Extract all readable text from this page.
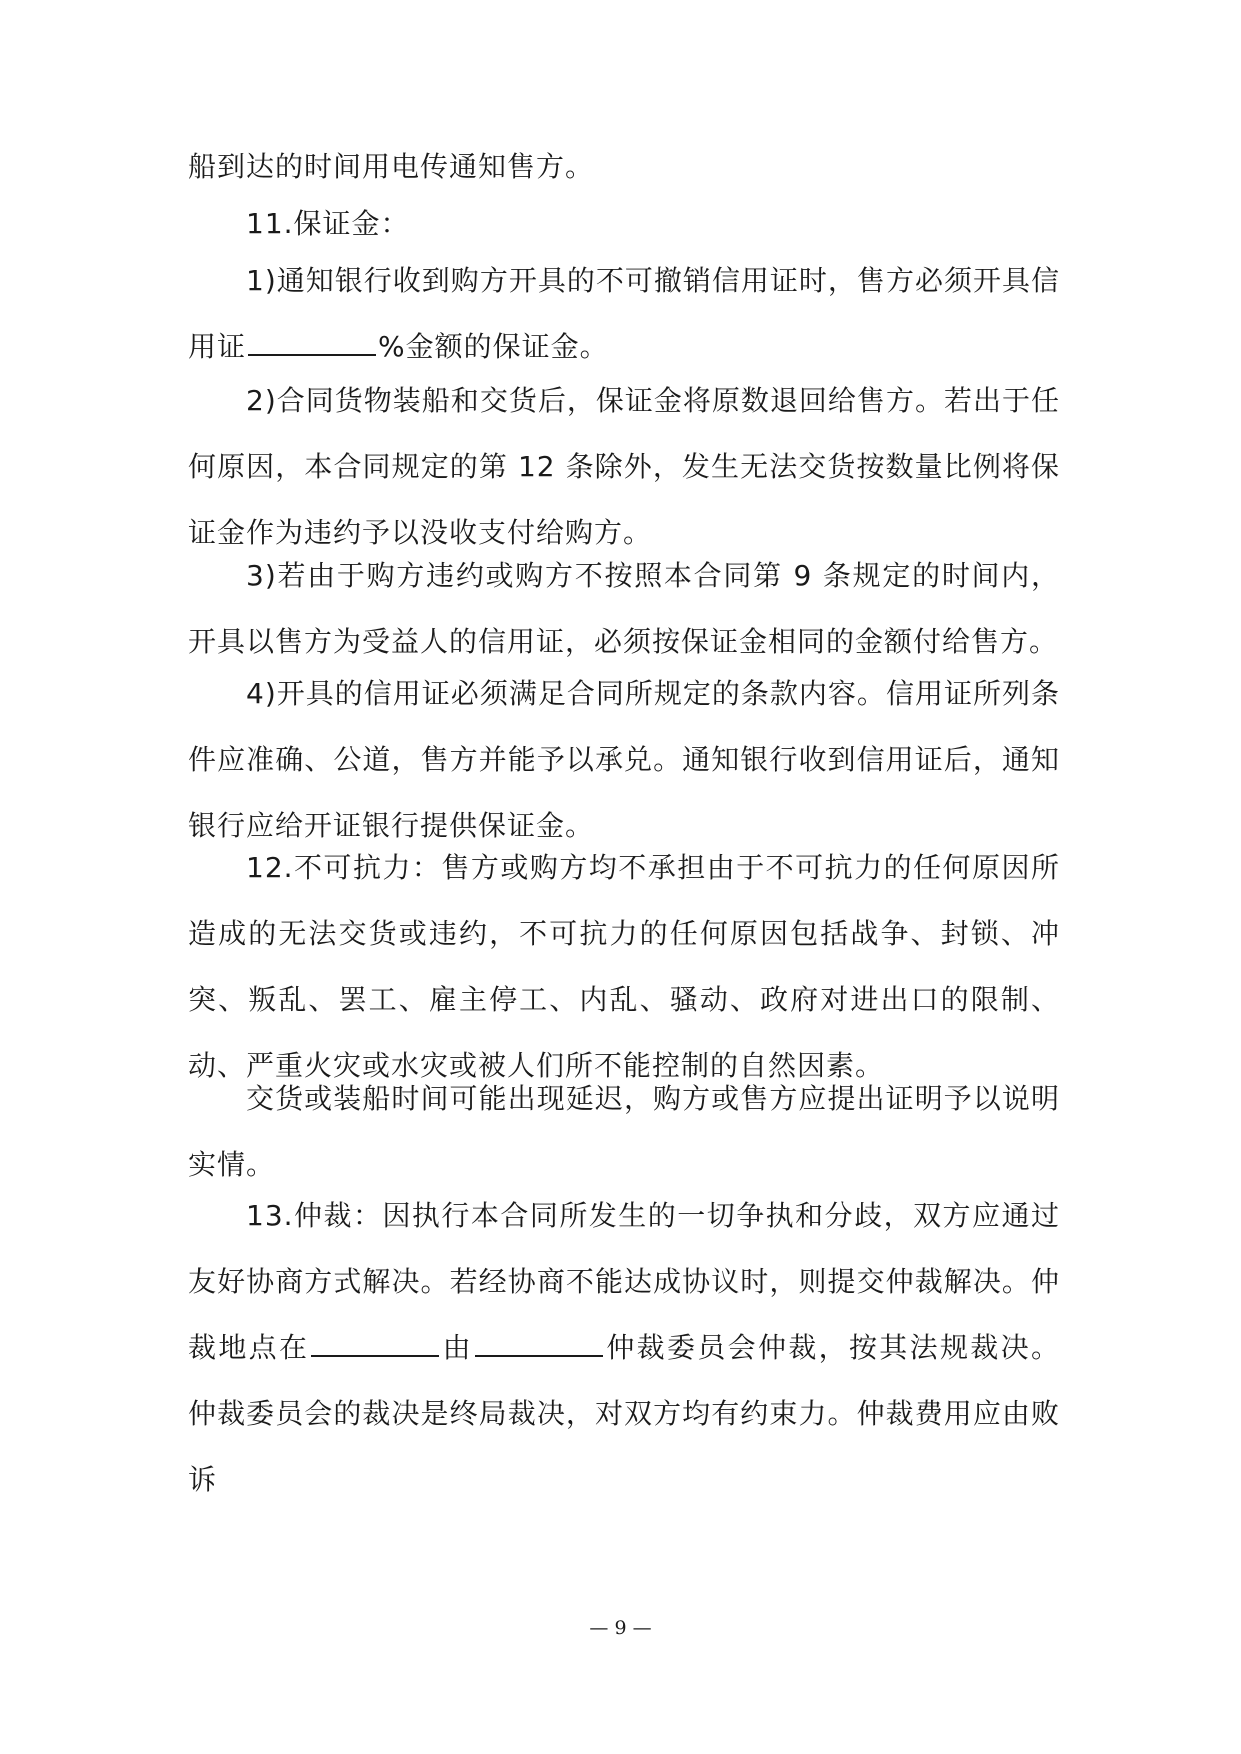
船到达的时间用电传通知售方。

11.保证金：

1)通知银行收到购方开具的不可撤销信用证时，售方必须开具信用证	%金额的保证金。

2)合同货物装船和交货后，保证金将原数退回给售方。若出于任何原因，本合同规定的第 12 条除外，发生无法交货按数量比例将保证金作为违约予以没收支付给购方。

3)若由于购方违约或购方不按照本合同第 9 条规定的时间内，开具以售方为受益人的信用证，必须按保证金相同的金额付给售方。

4)开具的信用证必须满足合同所规定的条款内容。信用证所列条件应准确、公道，售方并能予以承兑。通知银行收到信用证后，通知银行应给开证银行提供保证金。

12.不可抗力：售方或购方均不承担由于不可抗力的任何原因所造成的无法交货或违约，不可抗力的任何原因包括战争、封锁、冲突、叛乱、罢工、雇主停工、内乱、骚动、政府对进出口的限制、动、严重火灾或水灾或被人们所不能控制的自然因素。

交货或装船时间可能出现延迟，购方或售方应提出证明予以说明实情。

13.仲裁：因执行本合同所发生的一切争执和分歧，双方应通过友好协商方式解决。若经协商不能达成协议时，则提交仲裁解决。仲裁地点在	由	仲裁委员会仲裁，按其法规裁决。仲裁委员会的裁决是终局裁决，对双方均有约束力。仲裁费用应由败诉

— 9 —
